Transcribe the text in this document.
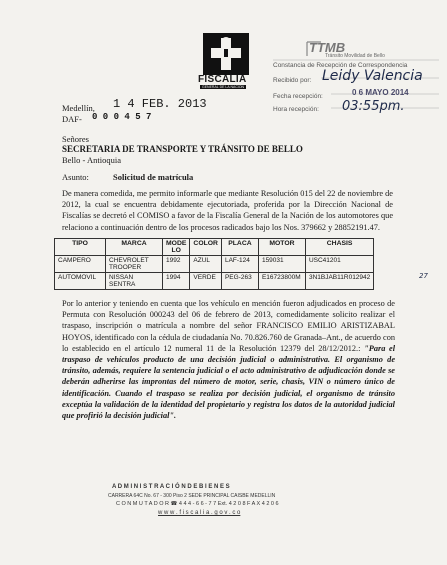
FISCALIA
GENERAL DE LA NACION
TTMB
Tránsito Movilidad de Bello
Constancia de Recepción de Correspondencia
Recibido por:
Fecha recepción:
Hora recepción:
Leidy Valencia
0 6 MAYO 2014
03:55pm.
Medellín, 1 4 FEB. 2013
DAF- 0 0 0 4 5 7
Señores
SECRETARIA DE TRANSPORTE Y TRÁNSITO DE BELLO
Bello - Antioquia
Asunto:	Solicitud de matrícula
De manera comedida, me permito informarle que mediante Resolución 015 del 22 de noviembre de 2012, la cual se encuentra debidamente ejecutoriada, proferida por la Dirección Nacional de Fiscalías se decretó el COMISO a favor de la Fiscalía General de la Nación de los automotores que relaciono a continuación dentro de los procesos radicados bajo los Nos. 379662 y 28852191.47.
TIPO	MARCA	MODE LO	COLOR	PLACA	MOTOR	CHASIS
CAMPERO	CHEVROLET TROOPER	1992	AZUL	LAF-124	159031	USC41201
AUTOMOVIL	NISSAN SENTRA	1994	VERDE	PEG-263	E16723800M	3N1BJAB11R012942	27
Por lo anterior y teniendo en cuenta que los vehículo en mención fueron adjudicados en proceso de Permuta con Resolución 000243 del 06 de febrero de 2013, comedidamente solicito realizar el traspaso, inscripción o matrícula a nombre del señor FRANCISCO EMILIO ARISTIZABAL HOYOS, identificado con la cédula de ciudadanía No. 70.826.760 de Granada–Ant., de acuerdo con lo establecido en el artículo 12 numeral 11 de la Resolución 12379 del 28/12/2012.: "Para el traspaso de vehículos producto de una decisión judicial o administrativa. El organismo de tránsito, además, requiere la sentencia judicial o el acto administrativo de adjudicación donde se deberán adherirse las improntas del número de motor, serie, chasis, VIN o número único de identificación. Cuando el traspaso se realiza por decisión judicial, el organismo de tránsito exceptúa la validación de la identidad del propietario y registra los datos de la autoridad judicial que profirió la decisión judicial".
A D M I N I S T R A C I Ó N D E B I E N E S
CARRERA 64C No. 67 - 300 Piso 2 SEDE PRINCIPAL CAISBE MEDELLIN
C O N M U T A D O R ☎ 4 4 4 - 6 6 - 7 7 Ext. 4 2 0 8 F A X 4 2 0 6
w w w . f i s c a l i a . g o v . c o
